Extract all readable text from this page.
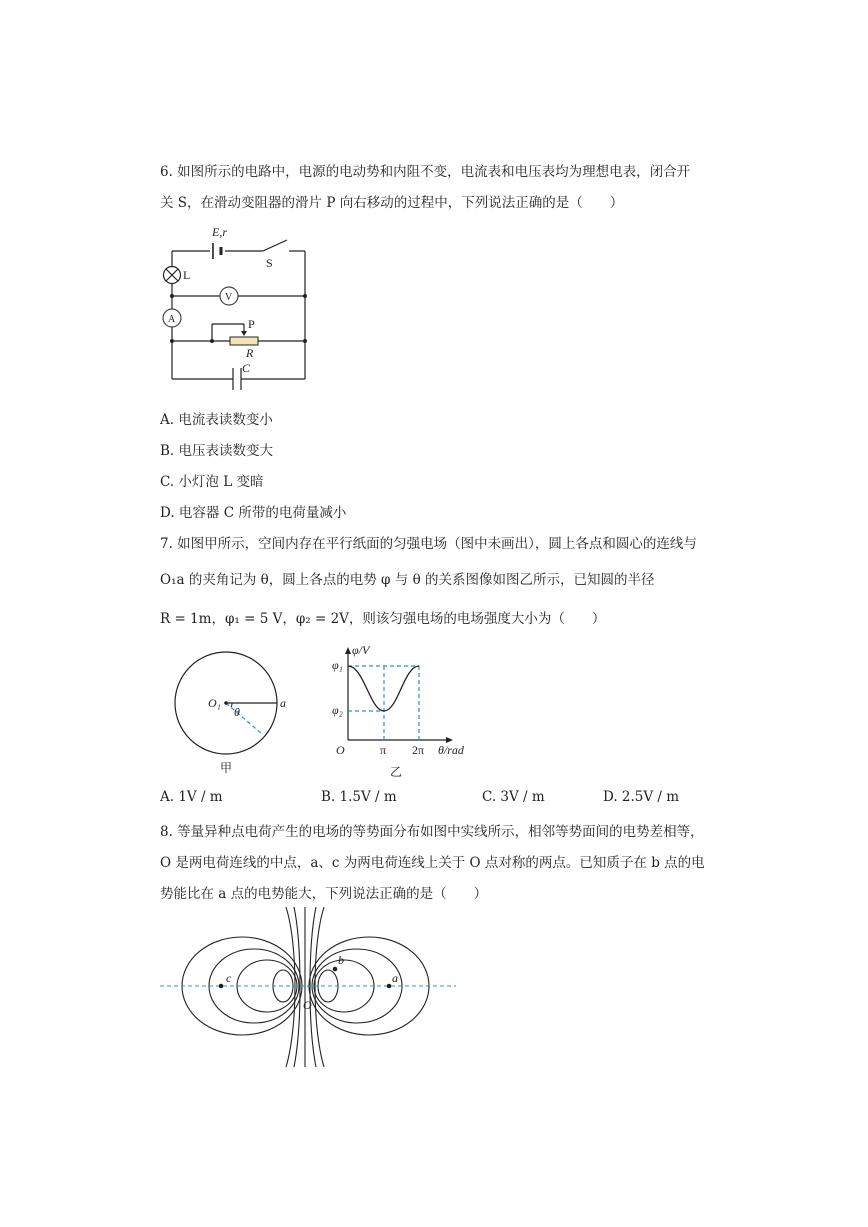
6. 如图所示的电路中，电源的电动势和内阻不变，电流表和电压表均为理想电表，闭合开
关 S，在滑动变阻器的滑片 P 向右移动的过程中，下列说法正确的是（　　）
E,r
S
L
V
A	P
R
C
A. 电流表读数变小
B. 电压表读数变大
C. 小灯泡 L 变暗
D. 电容器 C 所带的电荷量减小
7. 如图甲所示，空间内存在平行纸面的匀强电场（图中未画出），圆上各点和圆心的连线与
O₁a 的夹角记为 θ，圆上各点的电势 φ 与 θ 的关系图像如图乙所示，已知圆的半径
R = 1m，φ₁ = 5 V，φ₂ = 2V，则该匀强电场的电场强度大小为（　　）
O₁	a
θ
甲
φ/V
φ₁
φ₂
O	π 2π θ/rad
乙
A. 1V / m	B. 1.5V / m	C. 3V / m	D. 2.5V / m
8. 等量异种点电荷产生的电场的等势面分布如图中实线所示，相邻等势面间的电势差相等，
O 是两电荷连线的中点，a、c 为两电荷连线上关于 O 点对称的两点。已知质子在 b 点的电
势能比在 a 点的电势能大，下列说法正确的是（　　）
c	a
b
O
